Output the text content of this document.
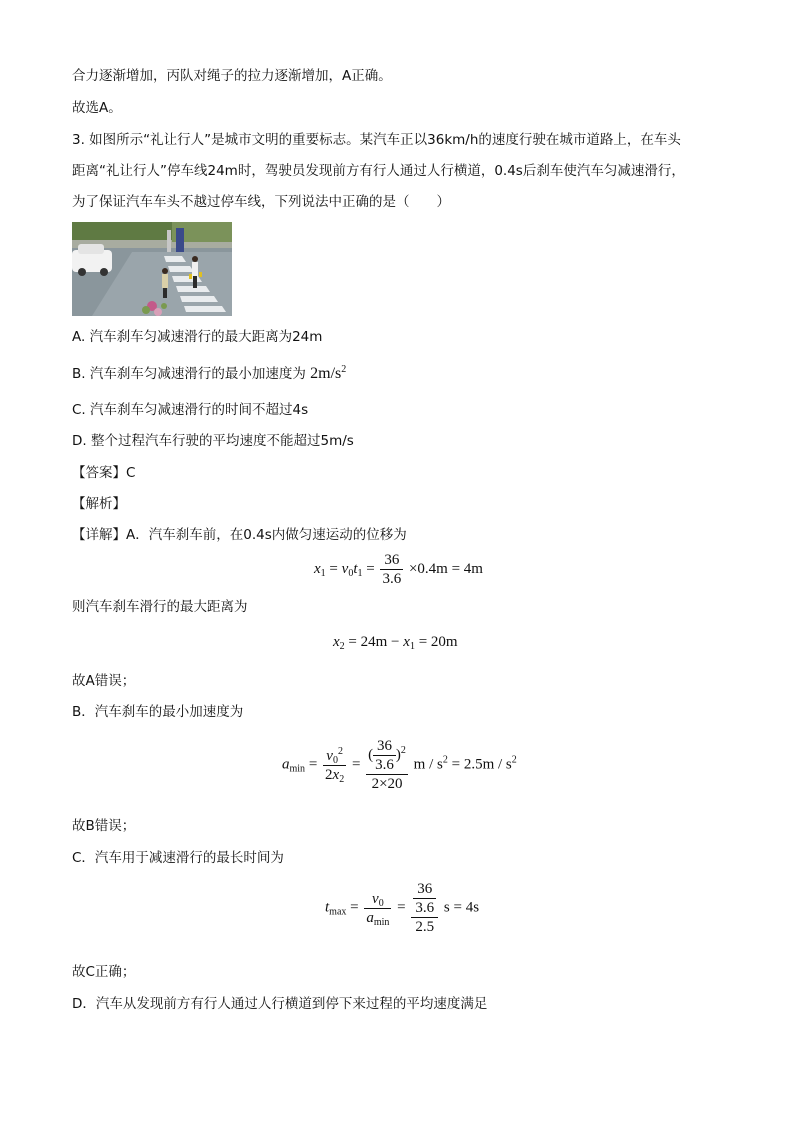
合力逐渐增加，丙队对绳子的拉力逐渐增加，A正确。
故选A。
3. 如图所示“礼让行人”是城市文明的重要标志。某汽车正以36km/h的速度行驶在城市道路上，在车头
距离“礼让行人”停车线24m时，驾驶员发现前方有行人通过人行横道，0.4s后刹车使汽车匀减速滑行，
为了保证汽车车头不越过停车线，下列说法中正确的是（　　）
A. 汽车刹车匀减速滑行的最大距离为24m
B. 汽车刹车匀减速滑行的最小加速度为 $2m/s^2$
C. 汽车刹车匀减速滑行的时间不超过4s
D. 整个过程汽车行驶的平均速度不能超过5m/s
【答案】C
【解析】
【详解】A．汽车刹车前，在0.4s内做匀速运动的位移为
$x_1 = v_0t_1 = \frac{36}{3.6} \times 0.4m = 4m$
则汽车刹车滑行的最大距离为
$x_2 = 24m - x_1 = 20m$
故A错误；
B．汽车刹车的最小加速度为
$a_{min} = \frac{v_0^2}{2x_2} = \frac{( \frac{36}{3.6} )^2}{2\times 20}$ $m / s^2 = 2.5m / s^2$
故B错误；
C．汽车用于减速滑行的最长时间为
$t_{max} = \frac{v_0}{a_{min}} = \frac{\frac{36}{3.6}}{2.5}$ s = 4s
故C正确；
D．汽车从发现前方有行人通过人行横道到停下来过程的平均速度满足
